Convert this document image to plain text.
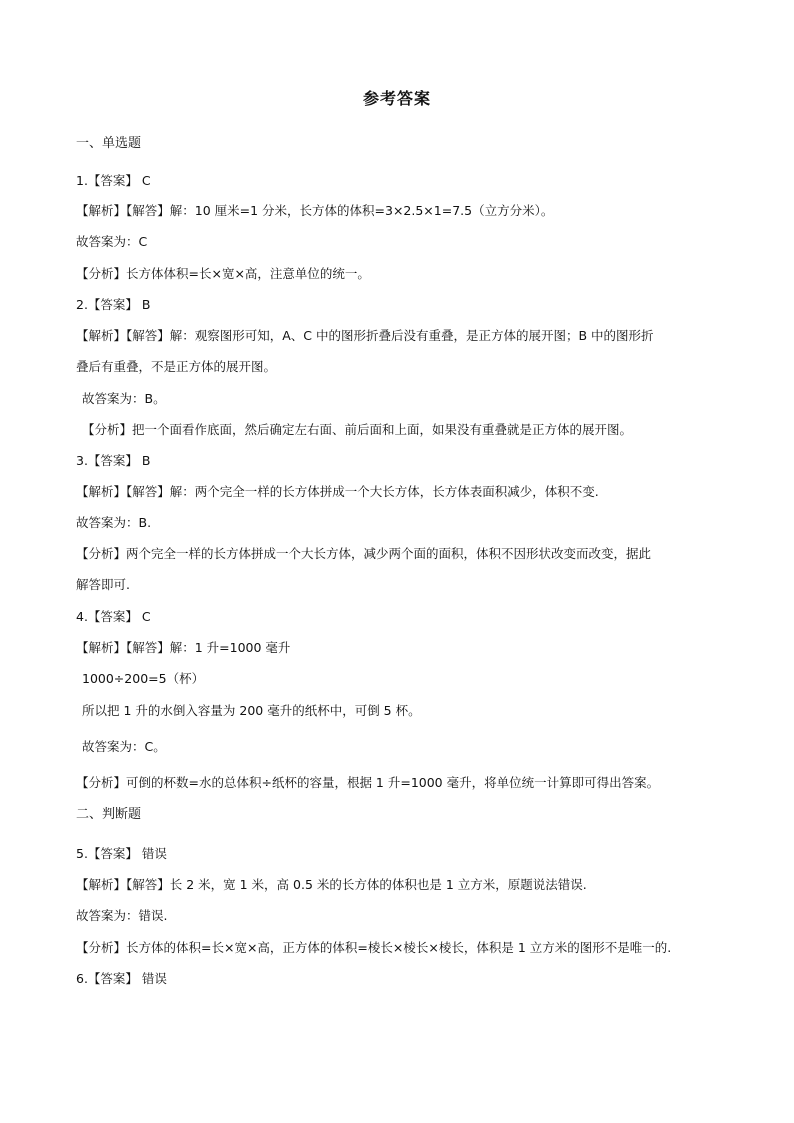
参考答案
一、单选题
1.【答案】 C
【解析】【解答】解：10 厘米=1 分米，长方体的体积=3×2.5×1=7.5（立方分米）。
故答案为：C
【分析】长方体体积=长×宽×高，注意单位的统一。
2.【答案】 B
【解析】【解答】解：观察图形可知，A、C 中的图形折叠后没有重叠，是正方体的展开图；B 中的图形折
叠后有重叠，不是正方体的展开图。
故答案为：B。
【分析】把一个面看作底面，然后确定左右面、前后面和上面，如果没有重叠就是正方体的展开图。
3.【答案】 B
【解析】【解答】解：两个完全一样的长方体拼成一个大长方体，长方体表面积减少，体积不变.
故答案为：B.
【分析】两个完全一样的长方体拼成一个大长方体，减少两个面的面积，体积不因形状改变而改变，据此
解答即可.
4.【答案】 C
【解析】【解答】解：1 升=1000 毫升
1000÷200=5（杯）
所以把 1 升的水倒入容量为 200 毫升的纸杯中，可倒 5 杯。
故答案为：C。
【分析】可倒的杯数=水的总体积÷纸杯的容量，根据 1 升=1000 毫升，将单位统一计算即可得出答案。
二、判断题
5.【答案】 错误
【解析】【解答】长 2 米，宽 1 米，高 0.5 米的长方体的体积也是 1 立方米，原题说法错误.
故答案为：错误.
【分析】长方体的体积=长×宽×高，正方体的体积=棱长×棱长×棱长，体积是 1 立方米的图形不是唯一的.
6.【答案】 错误
